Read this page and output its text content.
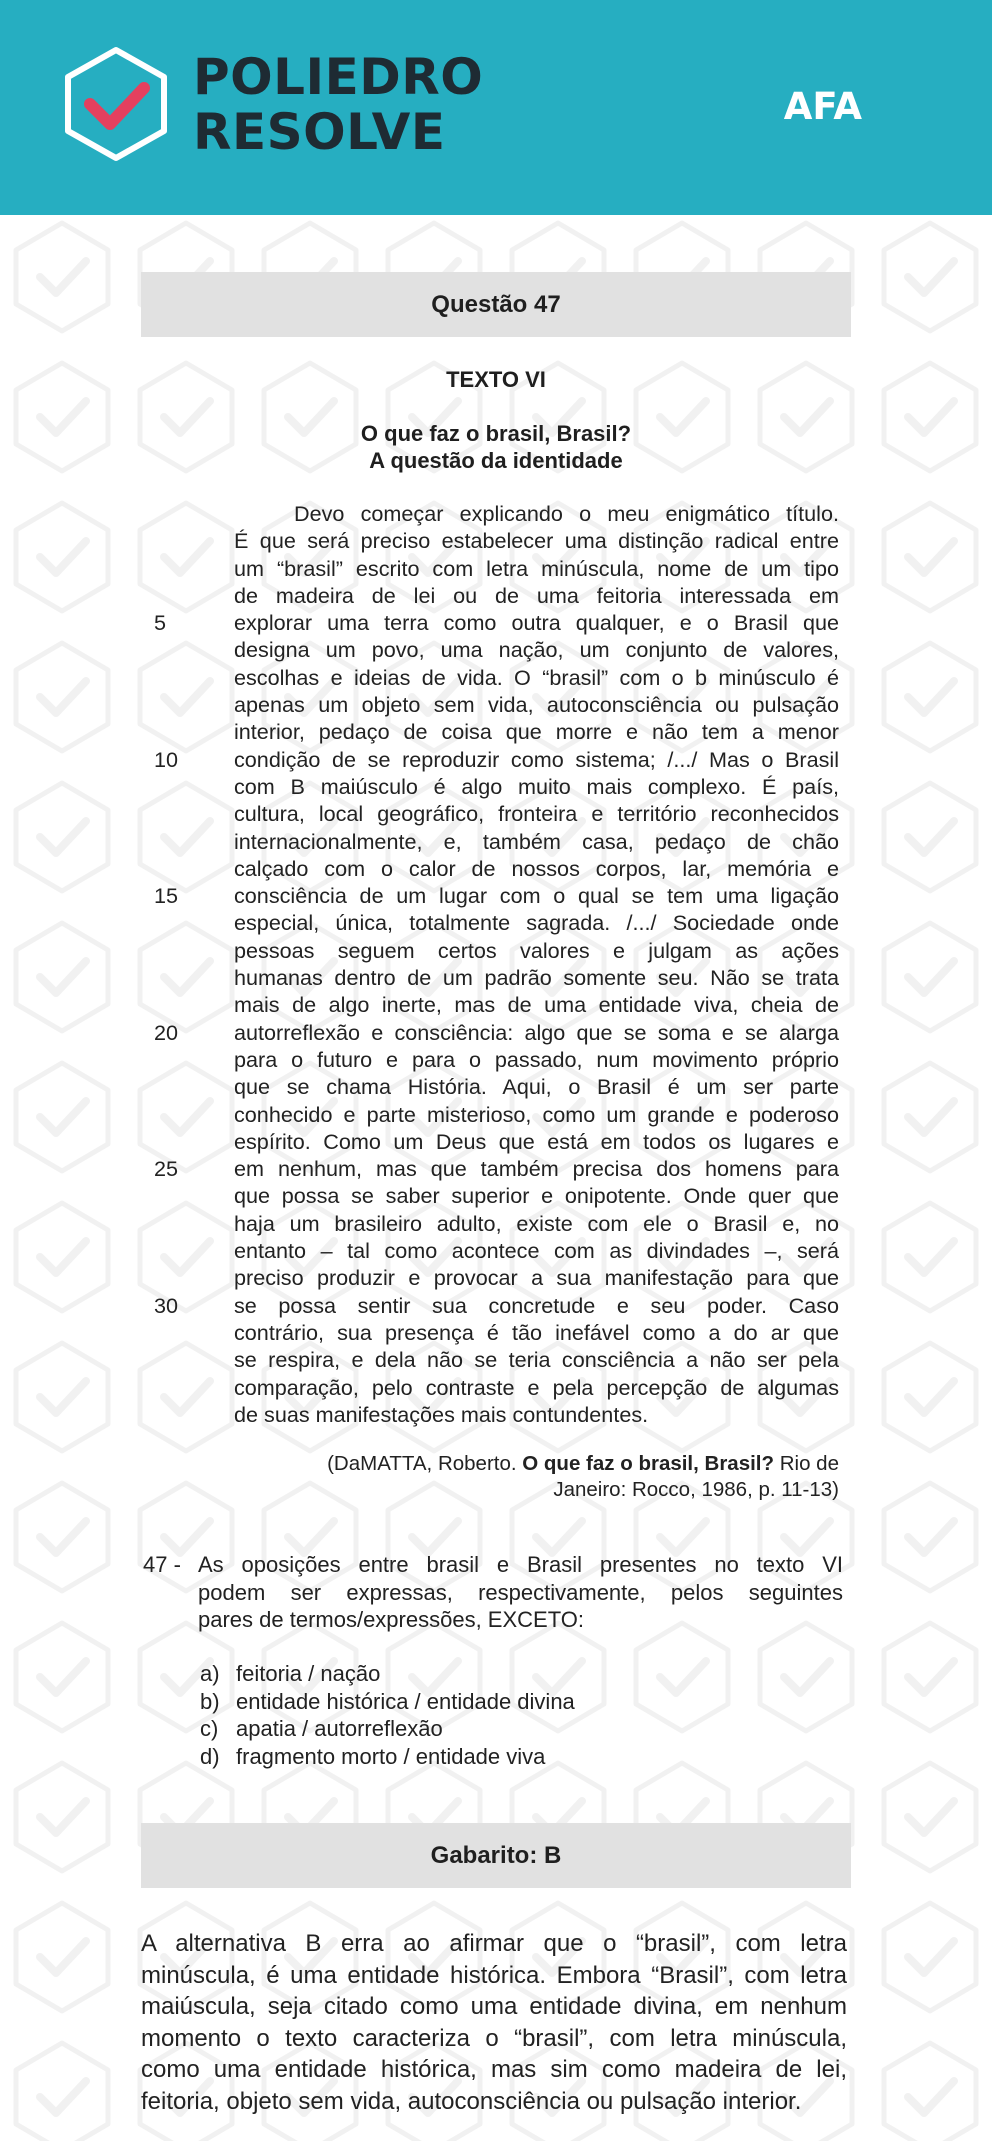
POLIEDRO
RESOLVE	AFA
Questão 47
TEXTO VI
O que faz o brasil, Brasil?
A questão da identidade
Devo começar explicando o meu enigmático título.
É que será preciso estabelecer uma distinção radical entre
um “brasil” escrito com letra minúscula, nome de um tipo
de madeira de lei ou de uma feitoria interessada em
5	explorar uma terra como outra qualquer, e o Brasil que
designa um povo, uma nação, um conjunto de valores,
escolhas e ideias de vida. O “brasil” com o b minúsculo é
apenas um objeto sem vida, autoconsciência ou pulsação
interior, pedaço de coisa que morre e não tem a menor
10	condição de se reproduzir como sistema; /.../ Mas o Brasil
com B maiúsculo é algo muito mais complexo. É país,
cultura, local geográfico, fronteira e território reconhecidos
internacionalmente, e, também casa, pedaço de chão
calçado com o calor de nossos corpos, lar, memória e
15	consciência de um lugar com o qual se tem uma ligação
especial, única, totalmente sagrada. /.../ Sociedade onde
pessoas seguem certos valores e julgam as ações
humanas dentro de um padrão somente seu. Não se trata
mais de algo inerte, mas de uma entidade viva, cheia de
20	autorreflexão e consciência: algo que se soma e se alarga
para o futuro e para o passado, num movimento próprio
que se chama História. Aqui, o Brasil é um ser parte
conhecido e parte misterioso, como um grande e poderoso
espírito. Como um Deus que está em todos os lugares e
25	em nenhum, mas que também precisa dos homens para
que possa se saber superior e onipotente. Onde quer que
haja um brasileiro adulto, existe com ele o Brasil e, no
entanto – tal como acontece com as divindades –, será
preciso produzir e provocar a sua manifestação para que
30	se possa sentir sua concretude e seu poder. Caso
contrário, sua presença é tão inefável como a do ar que
se respira, e dela não se teria consciência a não ser pela
comparação, pelo contraste e pela percepção de algumas
de suas manifestações mais contundentes.
(DaMATTA, Roberto. O que faz o brasil, Brasil? Rio de
Janeiro: Rocco, 1986, p. 11-13)
47 - As oposições entre brasil e Brasil presentes no texto VI
podem ser expressas, respectivamente, pelos seguintes
pares de termos/expressões, EXCETO:
a) feitoria / nação
b) entidade histórica / entidade divina
c) apatia / autorreflexão
d) fragmento morto / entidade viva
Gabarito: B
A alternativa B erra ao afirmar que o “brasil”, com letra
minúscula, é uma entidade histórica. Embora “Brasil”, com letra
maiúscula, seja citado como uma entidade divina, em nenhum
momento o texto caracteriza o “brasil”, com letra minúscula,
como uma entidade histórica, mas sim como madeira de lei,
feitoria, objeto sem vida, autoconsciência ou pulsação interior.
